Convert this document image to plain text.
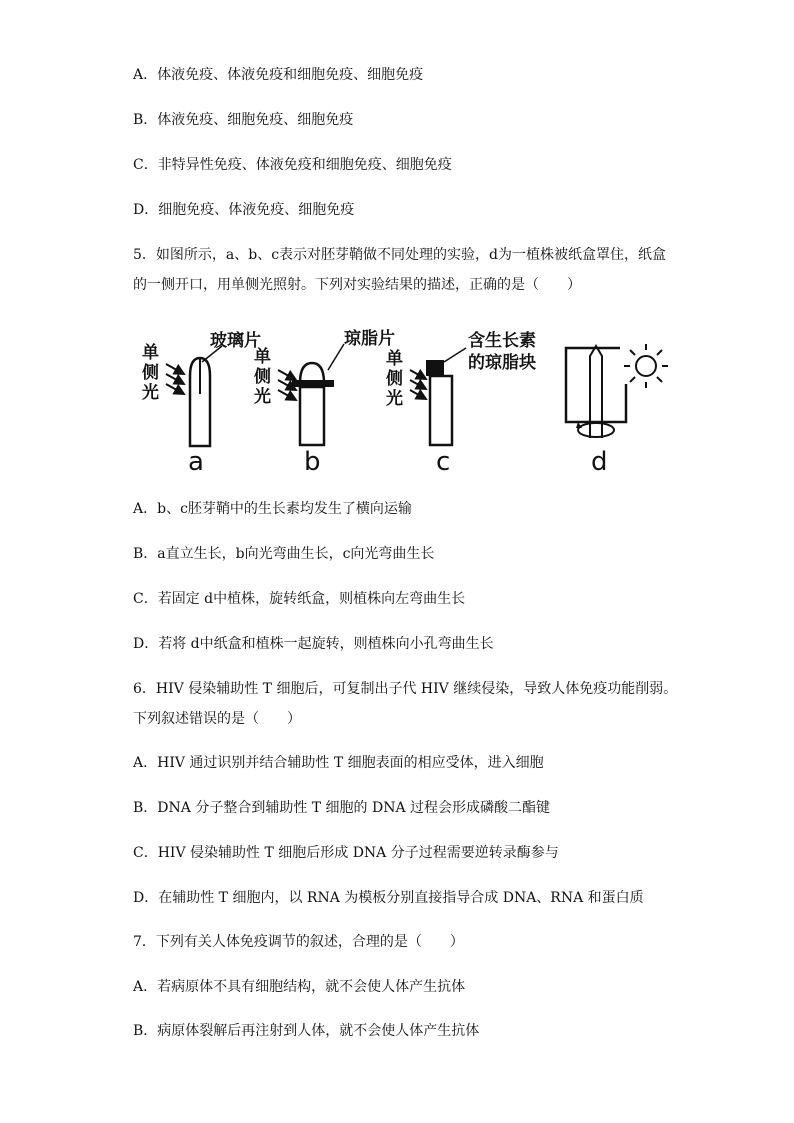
A．体液免疫、体液免疫和细胞免疫、细胞免疫
B．体液免疫、细胞免疫、细胞免疫
C．非特异性免疫、体液免疫和细胞免疫、细胞免疫
D．细胞免疫、体液免疫、细胞免疫
5．如图所示，a、b、c表示对胚芽鞘做不同处理的实验，d为一植株被纸盒罩住，纸盒
的一侧开口，用单侧光照射。下列对实验结果的描述，正确的是（　　）
单
侧
光
玻璃片
a
单
侧
光
琼脂片
b
单
侧
光
含生长素
的琼脂块
c	d
A．b、c胚芽鞘中的生长素均发生了横向运输
B．a直立生长，b向光弯曲生长，c向光弯曲生长
C．若固定 d中植株，旋转纸盒，则植株向左弯曲生长
D．若将 d中纸盒和植株一起旋转，则植株向小孔弯曲生长
6．HIV 侵染辅助性 T 细胞后，可复制出子代 HIV 继续侵染，导致人体免疫功能削弱。
下列叙述错误的是（　　）
A．HIV 通过识别并结合辅助性 T 细胞表面的相应受体，进入细胞
B．DNA 分子整合到辅助性 T 细胞的 DNA 过程会形成磷酸二酯键
C．HIV 侵染辅助性 T 细胞后形成 DNA 分子过程需要逆转录酶参与
D．在辅助性 T 细胞内，以 RNA 为模板分别直接指导合成 DNA、RNA 和蛋白质
7．下列有关人体免疫调节的叙述，合理的是（　　）
A．若病原体不具有细胞结构，就不会使人体产生抗体
B．病原体裂解后再注射到人体，就不会使人体产生抗体
